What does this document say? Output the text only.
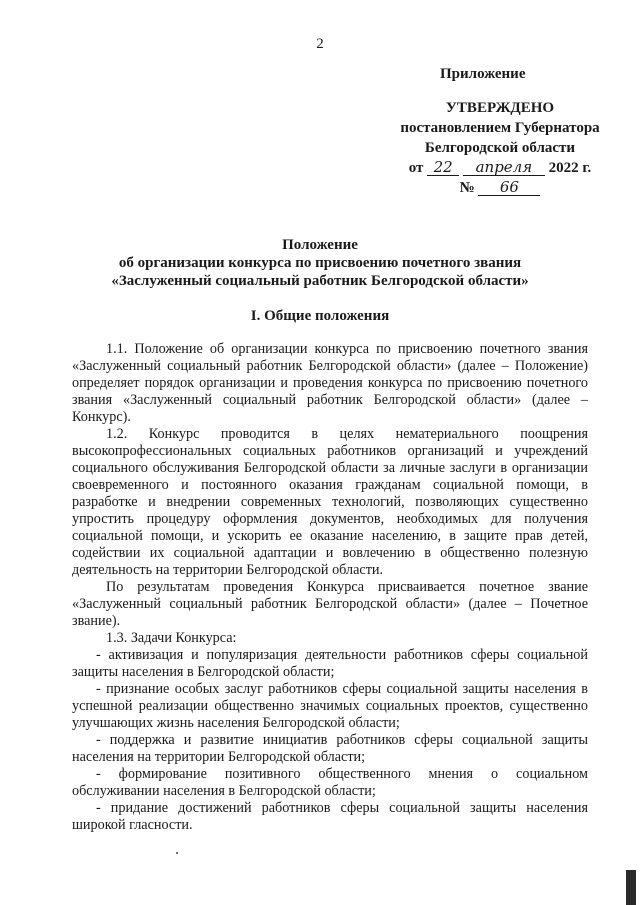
2
Приложение
УТВЕРЖДЕНО
постановлением Губернатора
Белгородской области
от 22 апреля 2022 г.
№ 66
Положение
об организации конкурса по присвоению почетного звания
«Заслуженный социальный работник Белгородской области»
I. Общие положения

1.1. Положение об организации конкурса по присвоению почетного звания «Заслуженный социальный работник Белгородской области» (далее – Положение) определяет порядок организации и проведения конкурса по присвоению почетного звания «Заслуженный социальный работник Белгородской области» (далее – Конкурс).

1.2. Конкурс проводится в целях нематериального поощрения высокопрофессиональных социальных работников организаций и учреждений социального обслуживания Белгородской области за личные заслуги в организации своевременного и постоянного оказания гражданам социальной помощи, в разработке и внедрении современных технологий, позволяющих существенно упростить процедуру оформления документов, необходимых для получения социальной помощи, и ускорить ее оказание населению, в защите прав детей, содействии их социальной адаптации и вовлечению в общественно полезную деятельность на территории Белгородской области.

По результатам проведения Конкурса присваивается почетное звание «Заслуженный социальный работник Белгородской области» (далее – Почетное звание).

1.3. Задачи Конкурса:

- активизация и популяризация деятельности работников сферы социальной защиты населения в Белгородской области;

- признание особых заслуг работников сферы социальной защиты населения в успешной реализации общественно значимых социальных проектов, существенно улучшающих жизнь населения Белгородской области;

- поддержка и развитие инициатив работников сферы социальной защиты населения на территории Белгородской области;

- формирование позитивного общественного мнения о социальном обслуживании населения в Белгородской области;

- придание достижений работников сферы социальной защиты населения широкой гласности.
